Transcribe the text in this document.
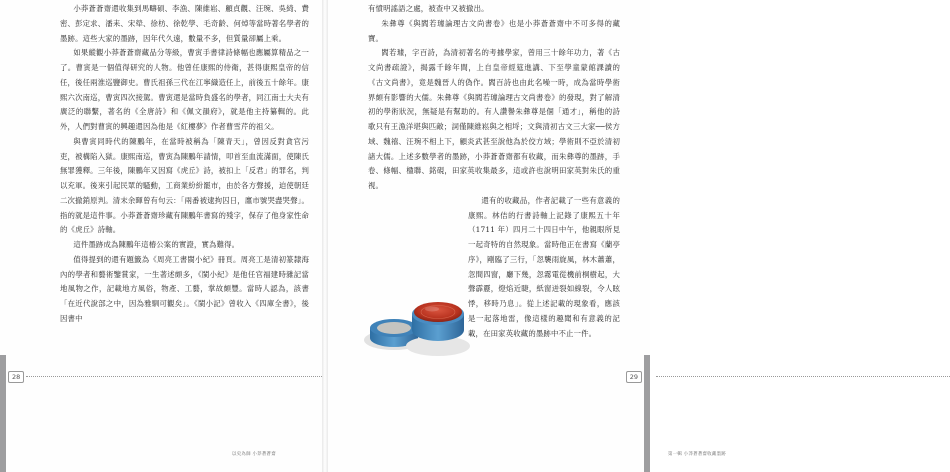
小莽蒼蒼齋還收集到馬疇碩、李漁、陳維崧、顧貞觀、汪琬、吳綺、費密、彭定求、潘耒、宋犖、徐枋、徐乾學、毛奇齡、何焯等當時著名學者的墨跡。這些大家的墨跡，因年代久遠，數量不多，但質量卻屬上乘。

如果縱觀小莽蒼蒼齋藏品分等級，曹寅手書律詩條幅也應屬算精品之一了。曹寅是一個值得研究的人物。他曾任康熙的侍衛，甚得康熙皇帝的信任，後任兩淮巡鹽御史。曹氏祖孫三代在江寧織造任上，前後五十餘年。康熙六次南巡，曹寅四次接駕。曹寅還是當時負盛名的學者，同江南士大夫有廣泛的聯繫，著名的《全唐詩》和《佩文韻府》，就是他主持纂輯的。此外，人們對曹寅的興趣還因為他是《紅樓夢》作者曹雪芹的祖父。

與曹寅同時代的陳鵬年，在當時被稱為「陳青天」，曾因反對貪官污吏，被構陷入獄。康熙南巡，曹寅為陳鵬年請情，叩首至血流滿面，使陳氏無罪獲釋。三年後，陳鵬年又因寫《虎丘》詩，被扣上「反君」的罪名，判以充軍。後來引起民眾的騷動，工商業紛紛罷市，由於各方聲援，迫使朝廷二次撤銷原判。清末余暉曾有句云：「兩番被逮拘囚日，廛市號哭盡哭聲」。指的就是這件事。小莽蒼蒼齋珍藏有陳鵬年書寫的殘字，保存了他身家性命的《虎丘》詩軸。

這件墨跡成為陳鵬年這樁公案的實證，實為難得。

值得提到的還有題籤為《周亮工書閩小紀》冊頁。周亮工是清初篆隸海內的學者和藝術鑒賞家，一生著述頗多，《閩小紀》是他任官福建時雜記當地風物之作，記載地方風俗，物產、工藝，掌故頗豐。當時人認為，該書「在近代說部之中，因為雅馴可觀矣」。《閩小記》曾收入《四庫全書》，後因書中

28
以史為師 小莽蒼蒼齋

有憤明謠語之處，被查中又被撤出。

朱彝尊《與閻若璩論理古文尚書卷》也是小莽蒼蒼齋中不可多得的藏寶。

閻若璩，字百詩，為清初著名的考據學家，曾用三十餘年功力，著《古文尚書疏證》，揭露千餘年間，上自皇帝經筵進講、下至學童蒙館課讀的《古文尚書》，竟是魏晉人的偽作。閻百詩也由此名噪一時，成為當時學術界頗有影響的大儒。朱彝尊《與閻若璩論理古文尚書卷》的發現，對了解清初的學術狀況，無疑是有幫助的。有人讚譽朱彝尊是個「通才」，稱他的詩歌只有王漁洋堪與匹敵；詞僅陳維崧與之相埒；文與清初古文三大家──侯方域、魏禧、汪琬不相上下，顧炎武甚至說他為於佼方域；學術則不亞於清初諸大儒。上述多數學者的墨跡，小莽蒼蒼齋都有收藏，而朱彝尊的墨跡，手卷、條幅、楹聯、銘硯，田家英收集最多，這或許也說明田家英對朱氏的重視。

還有的收藏品，作者記載了一些有意義的康熙。林佶的行書詩軸上記錄了康熙五十年（1711 年）四月二十四日中午，他親眼所見一起奇特的自然現象。當時他正在書寫《蘭亭序》，剛臨了三行，「忽襲雨旋風，林木蕭蕭，忽間四窗，廳下幾，忽霧電從機前桐樹起，大聲霹靂，燈焰近睫，紙窗迸裂如線裂，令人眩悸，移時乃息」。從上述記載的現象看，應該是一起落地雷，像這樣的趣聞和有意義的記載，在田家英收藏的墨跡中不止一件。

29
第一輯 小莽蒼蒼齋收藏墨跡
